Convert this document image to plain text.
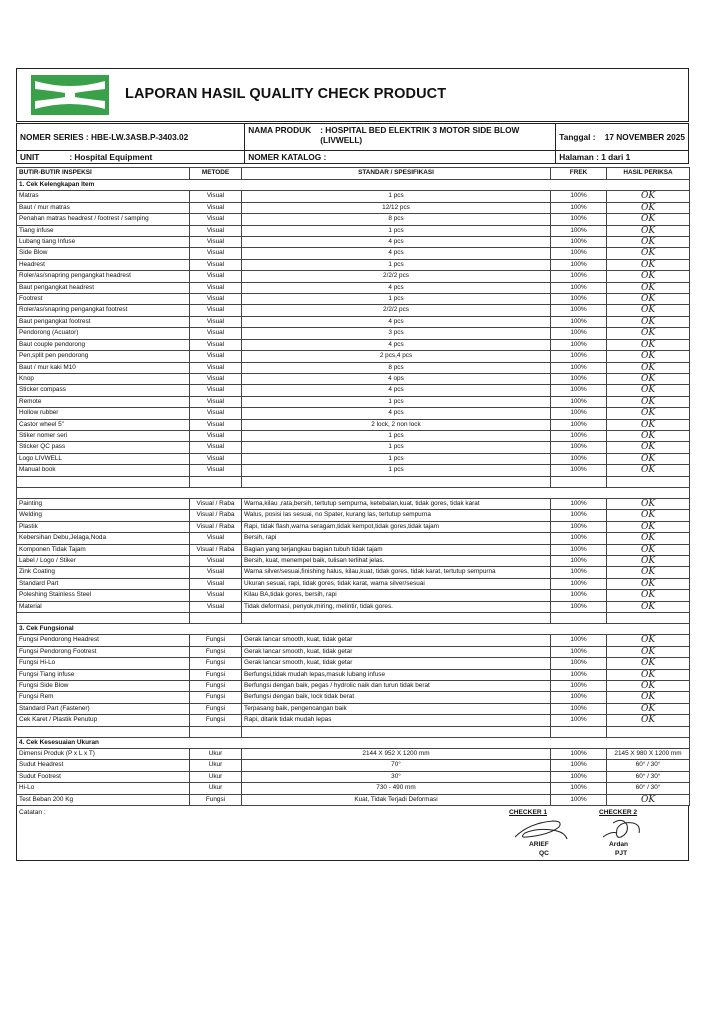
LAPORAN HASIL QUALITY CHECK PRODUCT
NOMER SERIES : HBE-LW.3ASB.P-3403.02	
NAMA PRODUK	: HOSPITAL BED ELEKTRIK 3 MOTOR SIDE BLOW (LIVWELL)
		Tanggal : 17 NOVEMBER 2025
UNIT	: Hospital Equipment	NOMER KATALOG :	Halaman : 1 dari 1
BUTIR-BUTIR INSPEKSI	METODE	STANDAR / SPESIFIKASI	FREK	HASIL PERIKSA
1. Cek Kelengkapan Item				
Matras	Visual	1 pcs	100%	OK
Baut / mur matras	Visual	12/12 pcs	100%	OK
Penahan matras headrest / footrest / samping	Visual	8 pcs	100%	OK
Tiang infuse	Visual	1 pcs	100%	OK
Lubang tiang Infuse	Visual	4 pcs	100%	OK
Side Blow	Visual	4 pcs	100%	OK
Headrest	Visual	1 pcs	100%	OK
Roler/as/snapring pengangkat headrest	Visual	2/2/2 pcs	100%	OK
Baut pengangkat headrest	Visual	4 pcs	100%	OK
Footrest	Visual	1 pcs	100%	OK
Roler/as/snapring pengangkat footrest	Visual	2/2/2 pcs	100%	OK
Baut pengangkat footrest	Visual	4 pcs	100%	OK
Pendorong (Acuator)	Visual	3 pcs	100%	OK
Baut couple pendorong	Visual	4 pcs	100%	OK
Pen,split pen pendorong	Visual	2 pcs,4 pcs	100%	OK
Baut / mur kaki M10	Visual	8 pcs	100%	OK
Knop	Visual	4 ops	100%	OK
Sticker compass	Visual	4 pcs	100%	OK
Remote	Visual	1 pcs	100%	OK
Hollow rubber	Visual	4 pcs	100%	OK
Castor wheel 5"	Visual	2 lock, 2 non lock	100%	OK
Stiker nomer seri	Visual	1 pcs	100%	OK
Sticker QC pass	Visual	1 pcs	100%	OK
Logo LIVWELL	Visual	1 pcs	100%	OK
Manual book	Visual	1 pcs	100%	OK

Painting	Visual / Raba	Warna,kilau ,rata,bersih, tertutup sempurna, ketebalan,kuat, tidak gores, tidak karat	100%	OK
Welding	Visual / Raba	Walus, posisi las sesuai, no Spater, kurang las, tertutup sempurna	100%	OK
Plastik	Visual / Raba	Rapi, tidak flash,warna seragam,tidak kempot,tidak gores,tidak tajam	100%	OK
Kebersihan Debu,Jelaga,Noda	Visual	Bersih, rapi	100%	OK
Komponen Tidak Tajam	Visual / Raba	Bagian yang terjangkau bagian tubuh tidak tajam	100%	OK
Label / Logo / Stiker	Visual	Bersih, kuat, menempel baik, tulisan terlihat jelas.	100%	OK
Zink Coating	Visual	Warna silver/sesuai,finishing halus, kilau,kuat, tidak gores, tidak karat, tertutup sempurna	100%	OK
Standard Part	Visual	Ukuran sesuai, rapi, tidak gores, tidak karat, warna silver/sesuai	100%	OK
Poleshing Stainless Steel	Visual	Kilau BA,tidak gores, bersih, rapi	100%	OK
Material	Visual	Tidak deformasi, penyok,miring, melintir, tidak gores.	100%	OK

3. Cek Fungsional				
Fungsi Pendorong Headrest	Fungsi	Gerak lancar smooth, kuat, tidak getar	100%	OK
Fungsi Pendorong Footrest	Fungsi	Gerak lancar smooth, kuat, tidak getar	100%	OK
Fungsi Hi-Lo	Fungsi	Gerak lancar smooth, kuat, tidak getar	100%	OK
Fungsi Tiang infuse	Fungsi	Berfungsi,tidak mudah lepas,masuk lubang infuse	100%	OK
Fungsi Side Blow	Fungsi	Berfungsi dengan baik, pegas / hydrolic naik dan turun tidak berat	100%	OK
Fungsi Rem	Fungsi	Berfungsi dengan baik, lock tidak berat	100%	OK
Standard Part (Fastener)	Fungsi	Terpasang baik, pengencangan baik	100%	OK
Cek Karet / Plastik Penutup	Fungsi	Rapi, ditarik tidak mudah lepas	100%	OK

4. Cek Kesesuaian Ukuran				
Dimensi Produk (P x L x T)	Ukur	2144 X 952 X 1200 mm	100%	2145 X 980 X 1200 mm
Sudut Headrest	Ukur	70°	100%	60° / 30°
Sudut Footrest	Ukur	30°	100%	60° / 30°
Hi-Lo	Ukur	730 - 490 mm	100%	60° / 30°
Test Beban 200 Kg	Fungsi	Kuat, Tidak Terjadi Deformasi	100%	OK
Catatan :	CHECKER 1
ARIEF
QC
CHECKER 2
Ardan
PJT
